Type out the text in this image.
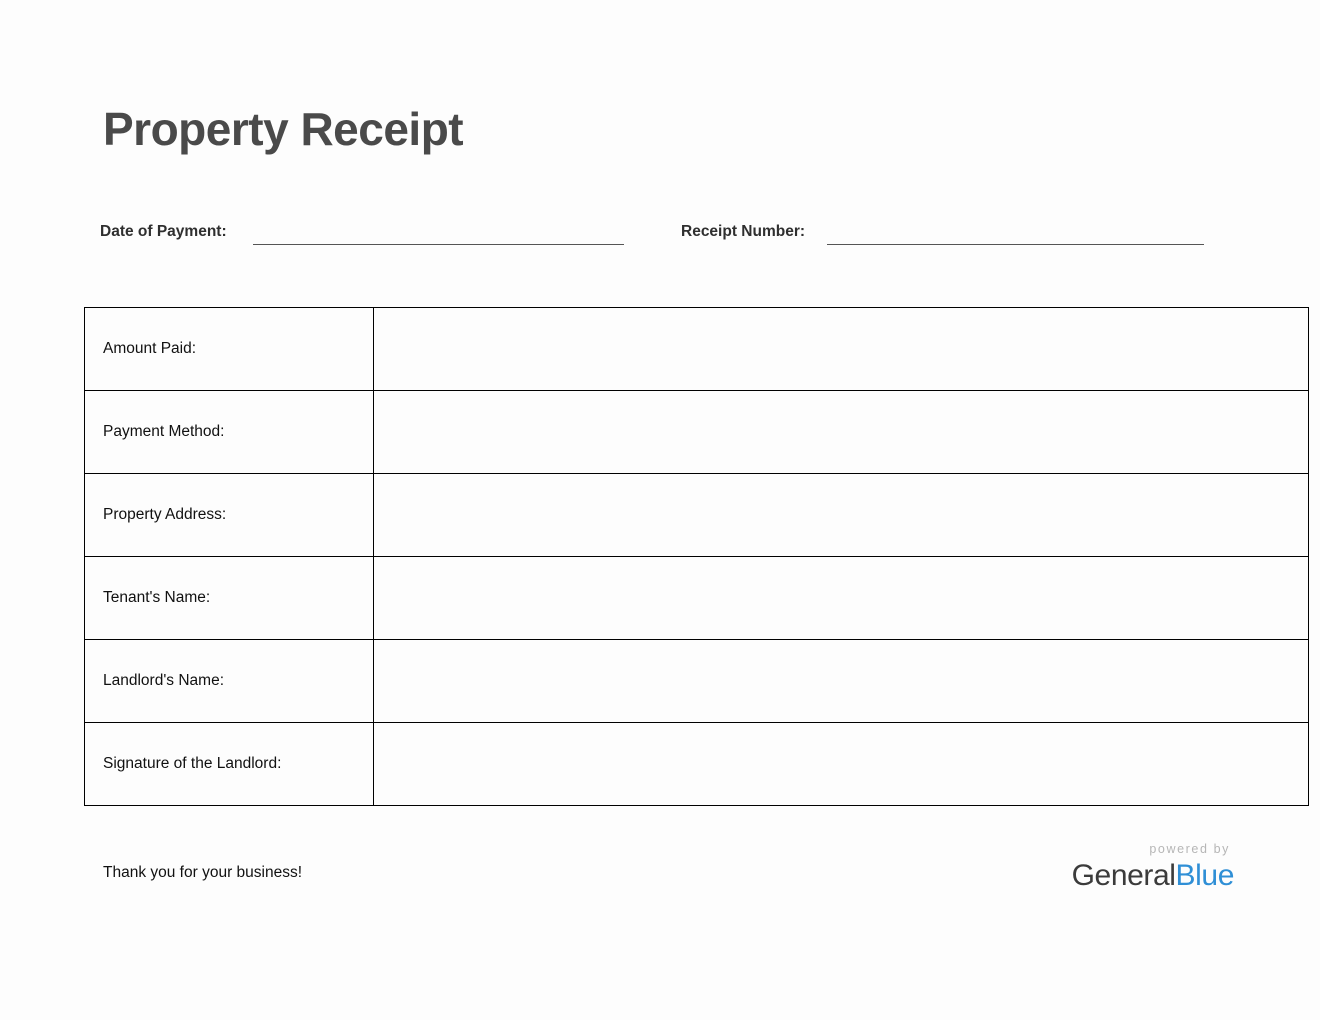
Property Receipt
Date of Payment:	Receipt Number:
Amount Paid:	
Payment Method:	
Property Address:	
Tenant's Name:	
Landlord's Name:	
Signature of the Landlord:	
Thank you for your business!
powered by
GeneralBlue
